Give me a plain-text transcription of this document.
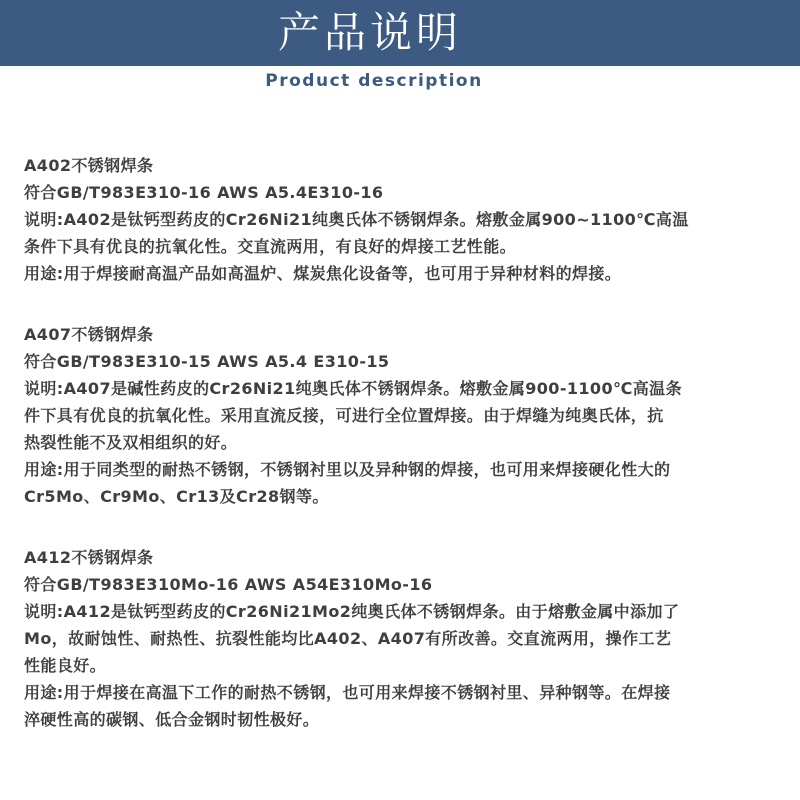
产品说明
Product description
A402不锈钢焊条
符合GB/T983E310-16 AWS A5.4E310-16
说明:A402是钛钙型药皮的Cr26Ni21纯奥氏体不锈钢焊条。熔敷金属900~1100℃高温
条件下具有优良的抗氧化性。交直流两用，有良好的焊接工艺性能。
用途:用于焊接耐高温产品如高温炉、煤炭焦化设备等，也可用于异种材料的焊接。
A407不锈钢焊条
符合GB/T983E310-15 AWS A5.4 E310-15
说明:A407是碱性药皮的Cr26Ni21纯奥氏体不锈钢焊条。熔敷金属900-1100℃高温条
件下具有优良的抗氧化性。采用直流反接，可进行全位置焊接。由于焊缝为纯奥氏体，抗
热裂性能不及双相组织的好。
用途:用于同类型的耐热不锈钢，不锈钢衬里以及异种钢的焊接，也可用来焊接硬化性大的
Cr5Mo、Cr9Mo、Cr13及Cr28钢等。
A412不锈钢焊条
符合GB/T983E310Mo-16 AWS A54E310Mo-16
说明:A412是钛钙型药皮的Cr26Ni21Mo2纯奥氏体不锈钢焊条。由于熔敷金属中添加了
Mo，故耐蚀性、耐热性、抗裂性能均比A402、A407有所改善。交直流两用，操作工艺
性能良好。
用途:用于焊接在高温下工作的耐热不锈钢，也可用来焊接不锈钢衬里、异种钢等。在焊接
淬硬性高的碳钢、低合金钢时韧性极好。
